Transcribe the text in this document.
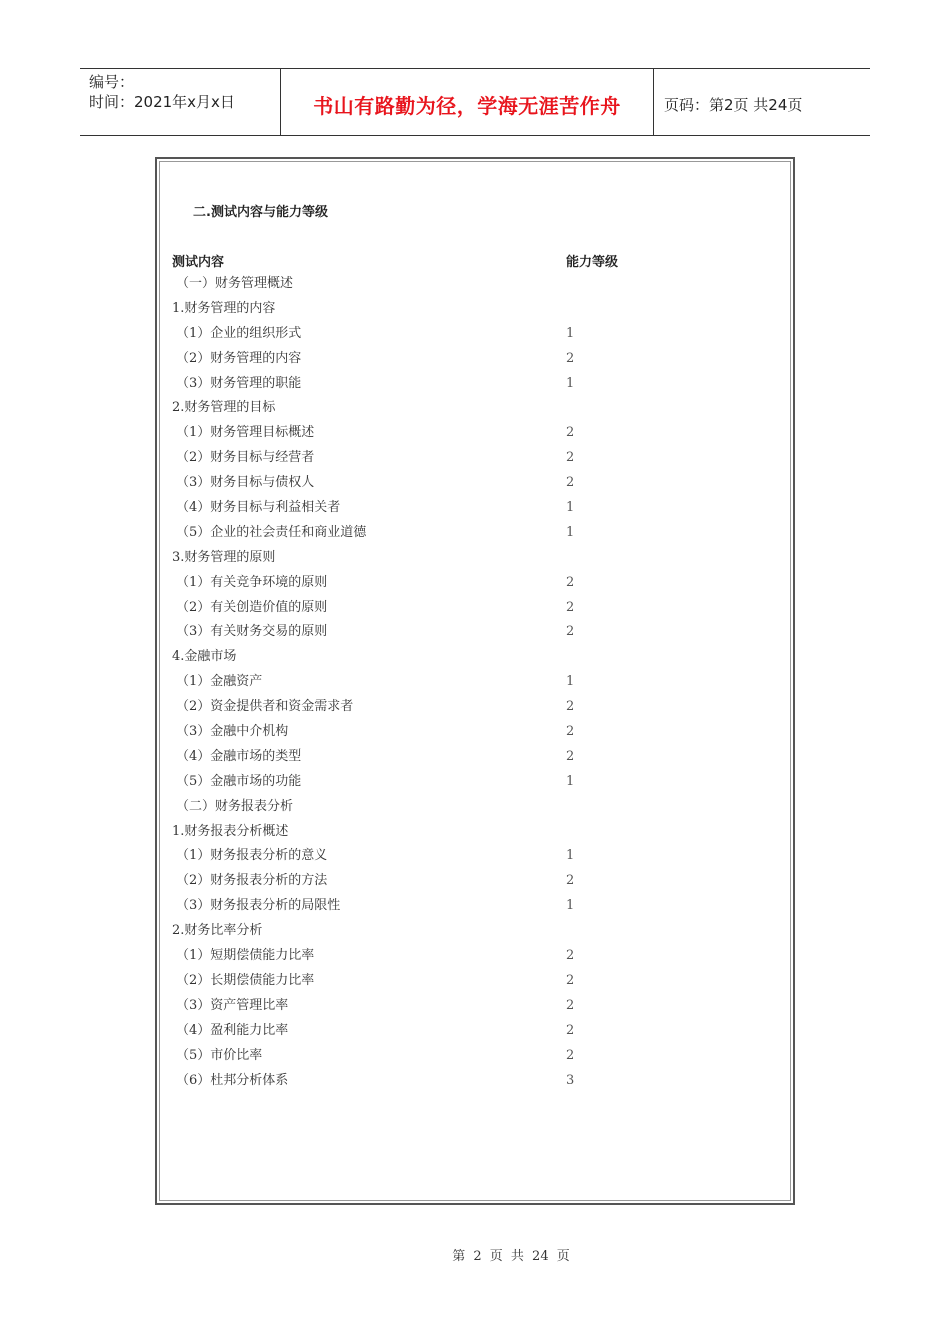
编号：
时间：2021年x月x日	书山有路勤为径，学海无涯苦作舟	页码：第2页 共24页
二.测试内容与能力等级
测试内容	能力等级
（一）财务管理概述
1.财务管理的内容
（1）企业的组织形式	1
（2）财务管理的内容	2
（3）财务管理的职能	1
2.财务管理的目标
（1）财务管理目标概述	2
（2）财务目标与经营者	2
（3）财务目标与债权人	2
（4）财务目标与利益相关者	1
（5）企业的社会责任和商业道德	1
3.财务管理的原则
（1）有关竞争环境的原则	2
（2）有关创造价值的原则	2
（3）有关财务交易的原则	2
4.金融市场
（1）金融资产	1
（2）资金提供者和资金需求者	2
（3）金融中介机构	2
（4）金融市场的类型	2
（5）金融市场的功能	1
（二）财务报表分析
1.财务报表分析概述
（1）财务报表分析的意义	1
（2）财务报表分析的方法	2
（3）财务报表分析的局限性	1
2.财务比率分析
（1）短期偿债能力比率	2
（2）长期偿债能力比率	2
（3）资产管理比率	2
（4）盈利能力比率	2
（5）市价比率	2
（6）杜邦分析体系	3
第 2 页 共 24 页
